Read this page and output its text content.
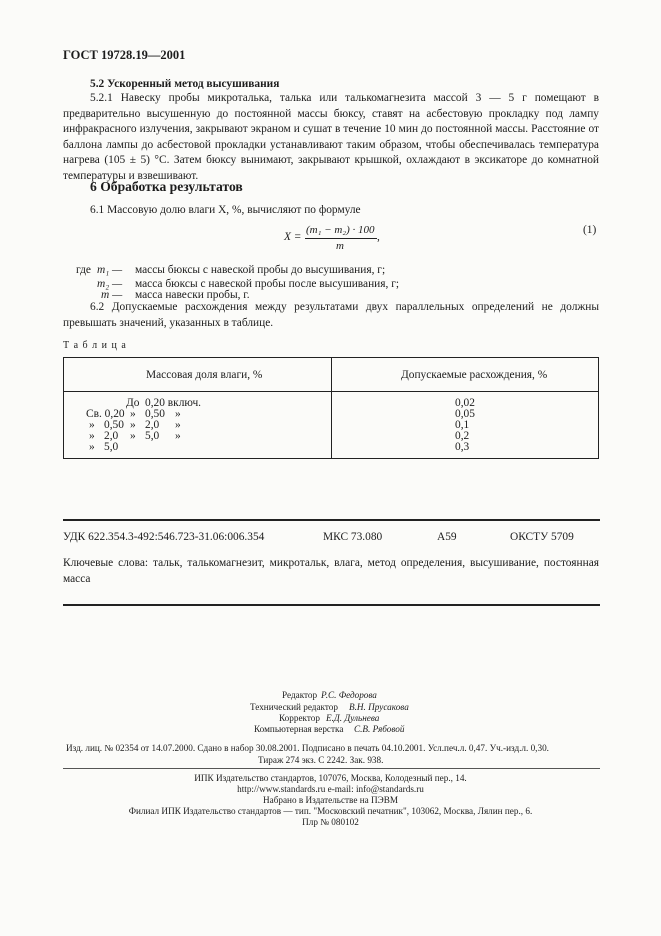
ГОСТ 19728.19—2001
5.2 Ускоренный метод высушивания

5.2.1 Навеску пробы микроталька, талька или талькомагнезита массой 3 — 5 г помещают в предварительно высушенную до постоянной массы бюксу, ставят на асбестовую прокладку под лампу инфракрасного излучения, закрывают экраном и сушат в течение 10 мин до постоянной массы. Расстояние от баллона лампы до асбестовой прокладки устанавливают таким образом, чтобы обеспечивалась температура нагрева (105 ± 5) °С. Затем бюксу вынимают, закрывают крышкой, охлаждают в эксикаторе до комнатной температуры и взвешивают.

6 Обработка результатов
6.1 Массовую долю влаги X, %, вычисляют по формуле
X =
(m₁ − m₂) · 100
m
,
(1)
где m₁ — массы бюксы с навеской пробы до высушивания, г;
m₂ — масса бюксы с навеской пробы после высушивания, г;
m — масса навески пробы, г.

6.2 Допускаемые расхождения между результатами двух параллельных определений не должны превышать значений, указанных в таблице.

Т а б л и ц а
Массовая доля влаги, %	Допускаемые расхождения, %
До 0,20 включ.	0,02
Св. 0,20 » 0,50 »	0,05
» 0,50 » 2,0 »	0,1
» 2,0 » 5,0 »	0,2
» 5,0	0,3
УДК 622.354.3-492:546.723-31.06:006.354	МКС 73.080	А59	ОКСТУ 5709

Ключевые слова: тальк, талькомагнезит, микротальк, влага, метод определения, высушивание, постоянная масса

Редактор Р.С. Федорова
Технический редактор В.Н. Прусакова
Корректор Е.Д. Дульнева
Компьютерная верстка С.В. Рябовой
Изд. лиц. № 02354 от 14.07.2000. Сдано в набор 30.08.2001. Подписано в печать 04.10.2001. Усл.печ.л. 0,47. Уч.-изд.л. 0,30.
Тираж 274 экз. С 2242. Зак. 938.
ИПК Издательство стандартов, 107076, Москва, Колодезный пер., 14.
http://www.standards.ru e-mail: info@standards.ru
Набрано в Издательстве на ПЭВМ
Филиал ИПК Издательство стандартов — тип. "Московский печатник", 103062, Москва, Лялин пер., 6.
Плр № 080102
